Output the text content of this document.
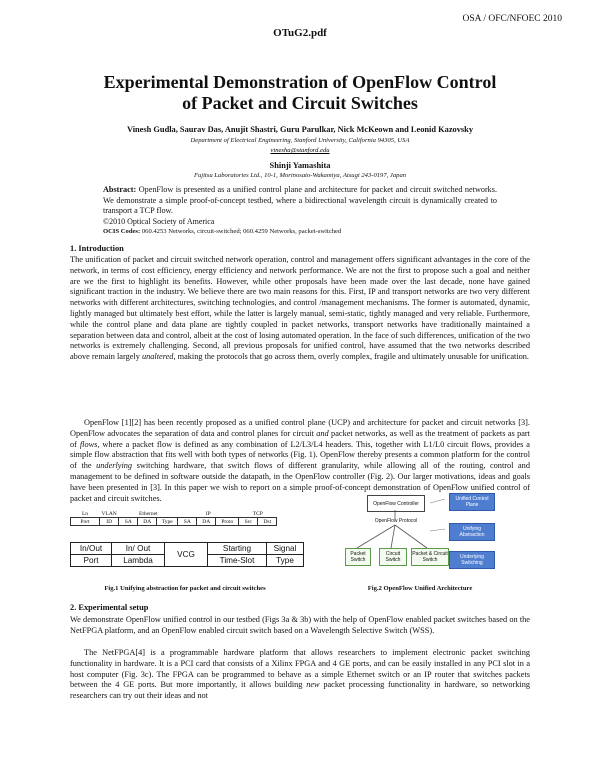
OSA / OFC/NFOEC 2010
OTuG2.pdf
Experimental Demonstration of OpenFlow Control
of Packet and Circuit Switches
Vinesh Gudla, Saurav Das, Anujit Shastri, Guru Parulkar, Nick McKeown and Leonid Kazovsky
Department of Electrical Engineering, Stanford University, California 94305, USA
vinesha@stanford.edu
Shinji Yamashita
Fujitsu Laboratories Ltd., 10-1, Morinosato-Wakamiya, Atsugi 243-0197, Japan
Abstract: OpenFlow is presented as a unified control plane and architecture for packet and circuit switched networks. We demonstrate a simple proof-of-concept testbed, where a bidirectional wavelength circuit is dynamically created to transport a TCP flow.
©2010 Optical Society of America
OCIS Codes: 060.4253 Networks, circuit-switched; 060.4259 Networks, packet-switched
1. Introduction
The unification of packet and circuit switched network operation, control and management offers significant advantages in the core of the network, in terms of cost efficiency, energy efficiency and network performance. We are not the first to propose such a goal and neither are we the first to highlight its benefits. However, while other proposals have been made over the last decade, none have gained significant traction in the industry. We believe there are two main reasons for this. First, IP and transport networks are two very different networks with different architectures, switching technologies, and control /management mechanisms. The former is automated, dynamic, lightly managed but ultimately best effort, while the latter is largely manual, semi-static, tightly managed and very reliable. Furthermore, while the control plane and data plane are tightly coupled in packet networks, transport networks have traditionally maintained a separation between data and control, albeit at the cost of losing automated operation. In the face of such differences, unification of the two networks is extremely challenging. Second, all previous proposals for unified control, have assumed that the two networks described above remain largely unaltered, making the protocols that go across them, overly complex, fragile and ultimately unusable for unification.
OpenFlow [1][2] has been recently proposed as a unified control plane (UCP) and architecture for packet and circuit networks [3]. OpenFlow advocates the separation of data and control planes for circuit and packet networks, as well as the treatment of packets as part of flows, where a packet flow is defined as any combination of L2/L3/L4 headers. This, together with L1/L0 circuit flows, provides a simple flow abstraction that fits well with both types of networks (Fig. 1). OpenFlow thereby presents a common platform for the control of the underlying switching hardware, that switch flows of different granularity, while allowing all of the routing, control and management to be defined in software outside the datapath, in the OpenFlow controller (Fig. 2). Our larger motivations, ideas and goals have been presented in [3]. In this paper we wish to report on a simple proof-of-concept demonstration of OpenFlow unified control of packet and circuit switches.
Ln	VLAN	Ethernet			IP			TCP	
Port	ID	SA	DA	Type	SA	DA	Proto	Src	Dst
In/Out	In/ Out	VCG	Starting	Signal
Port	Lambda		Time-Slot	Type
Fig.1 Unifying abstraction for packet and circuit switches
OpenFlow Controller
OpenFlow Protocol
Packet Switch
Circuit Switch
Packet & Circuit Switch
Unified Control Plane
Unifying Abstraction
Underlying Switching
Fig.2 OpenFlow Unified Architecture
2. Experimental setup
We demonstrate OpenFlow unified control in our testbed (Figs 3a & 3b) with the help of OpenFlow enabled packet switches based on the NetFPGA platform, and an OpenFlow enabled circuit switch based on a Wavelength Selective Switch (WSS).
The NetFPGA[4] is a programmable hardware platform that allows researchers to implement electronic packet switching functionality in hardware. It is a PCI card that consists of a Xilinx FPGA and 4 GE ports, and can be easily installed in any PCI slot in a host computer (Fig. 3c). The FPGA can be programmed to behave as a simple Ethernet switch or an IP router that switches packets between the 4 GE ports. But more importantly, it allows building new packet processing functionality in hardware, so networking researchers can try out their ideas and not
